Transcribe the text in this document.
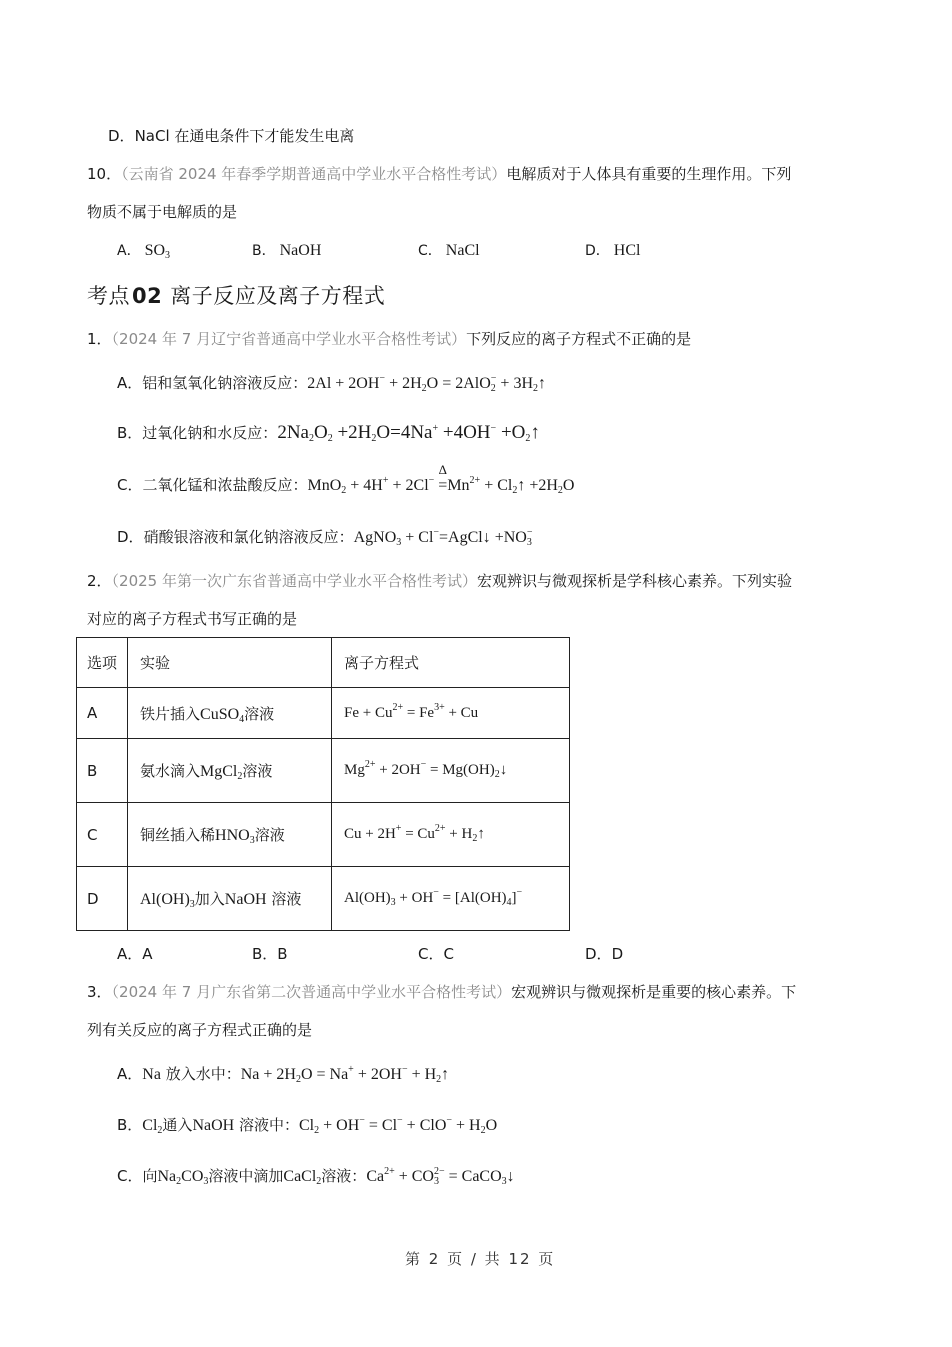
D．NaCl 在通电条件下才能发生电离
10．（云南省 2024 年春季学期普通高中学业水平合格性考试）电解质对于人体具有重要的生理作用。下列
物质不属于电解质的是
A． $SO_3$	B． NaOH	C． NaCl	D． HCl
考点02 离子反应及离子方程式
1．（2024 年 7 月辽宁省普通高中学业水平合格性考试）下列反应的离子方程式不正确的是
A．铝和氢氧化钠溶液反应：$2Al + 2OH^- + 2H_2O = 2AlO_2^-$ + $3H_2↑$
B．过氧化钠和水反应：$2Na_2O_2 +2H_2O=4Na^+ +4OH^-$ $+O_2↑$
C．二氧化锰和浓盐酸反应：MnO$_2$ + 4H+ + 2Cl−
Δ
$=Mn^{2+}$ + $Cl_2↑ +2H_2O$
D．硝酸银溶液和氯化钠溶液反应：AgNO$_3$ + Cl−=AgCl↓ $+NO_3^-$
2．（2025 年第一次广东省普通高中学业水平合格性考试）宏观辨识与微观探析是学科核心素养。下列实验
对应的离子方程式书写正确的是
选项	实验	离子方程式
A	铁片插入CuSO$_4$溶液	$Fe + Cu^{2+} = Fe^{3+} + Cu$
B	氨水滴入MgCl$_2$溶液	$Mg^{2+} + 2OH^-$ = $Mg(OH)_2↓$
C	铜丝插入稀$HNO_3$溶液	$Cu + 2H^+ = Cu^{2+}$ + $H_2↑$
D	$Al(OH)_3$加入NaOH 溶液	$Al(OH)_3 + OH^- = [Al(OH)_4]^-$
A．A	B．B	C．C	D．D
3．（2024 年 7 月广东省第二次普通高中学业水平合格性考试）宏观辨识与微观探析是重要的核心素养。下
列有关反应的离子方程式正确的是
A．Na 放入水中：$Na + 2H_2O = Na^+ + 2OH^-$ + $H_2↑$
B．$Cl_2$通入NaOH 溶液中：$Cl_2 + OH^- = Cl^- + ClO^- + H_2O$
C．向$Na_2CO_3$溶液中滴加CaCl$_2$溶液：$Ca^{2+} + CO_3^{2-}$ = CaCO$_3$↓
第 2 页 / 共 12 页
